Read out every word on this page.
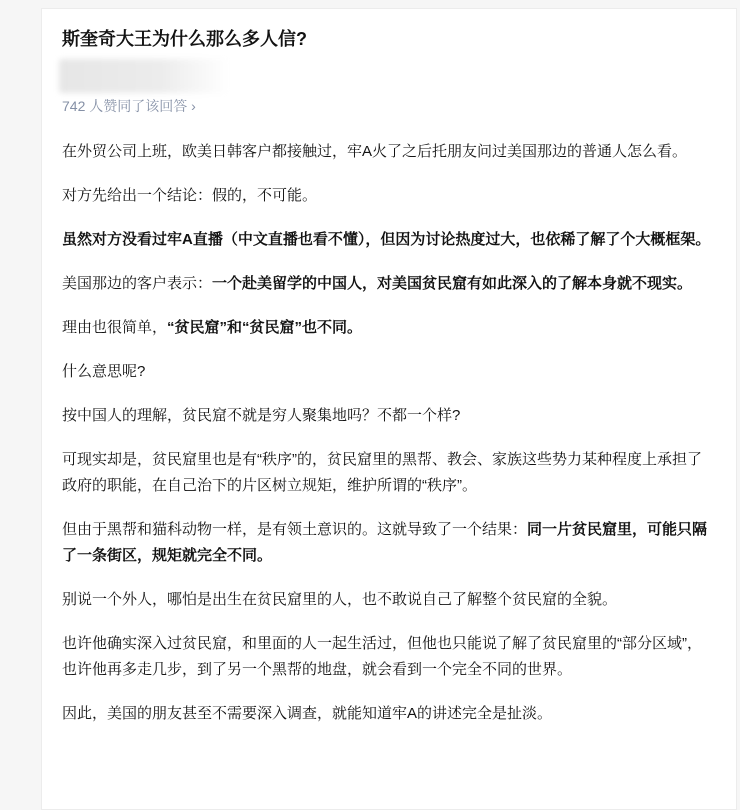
斯奎奇大王为什么那么多人信?
742 人赞同了该回答 ›

在外贸公司上班，欧美日韩客户都接触过，牢A火了之后托朋友问过美国那边的普通人怎么看。

对方先给出一个结论：假的，不可能。

虽然对方没看过牢A直播（中文直播也看不懂），但因为讨论热度过大，也依稀了解了个大概框架。

美国那边的客户表示：一个赴美留学的中国人，对美国贫民窟有如此深入的了解本身就不现实。

理由也很简单，“贫民窟”和“贫民窟”也不同。

什么意思呢?

按中国人的理解，贫民窟不就是穷人聚集地吗？不都一个样?

可现实却是，贫民窟里也是有“秩序”的，贫民窟里的黑帮、教会、家族这些势力某种程度上承担了政府的职能，在自己治下的片区树立规矩，维护所谓的“秩序”。

但由于黑帮和猫科动物一样，是有领土意识的。这就导致了一个结果：同一片贫民窟里，可能只隔了一条街区，规矩就完全不同。

别说一个外人，哪怕是出生在贫民窟里的人，也不敢说自己了解整个贫民窟的全貌。

也许他确实深入过贫民窟，和里面的人一起生活过，但他也只能说了解了贫民窟里的“部分区域”，也许他再多走几步，到了另一个黑帮的地盘，就会看到一个完全不同的世界。

因此，美国的朋友甚至不需要深入调查，就能知道牢A的讲述完全是扯淡。
